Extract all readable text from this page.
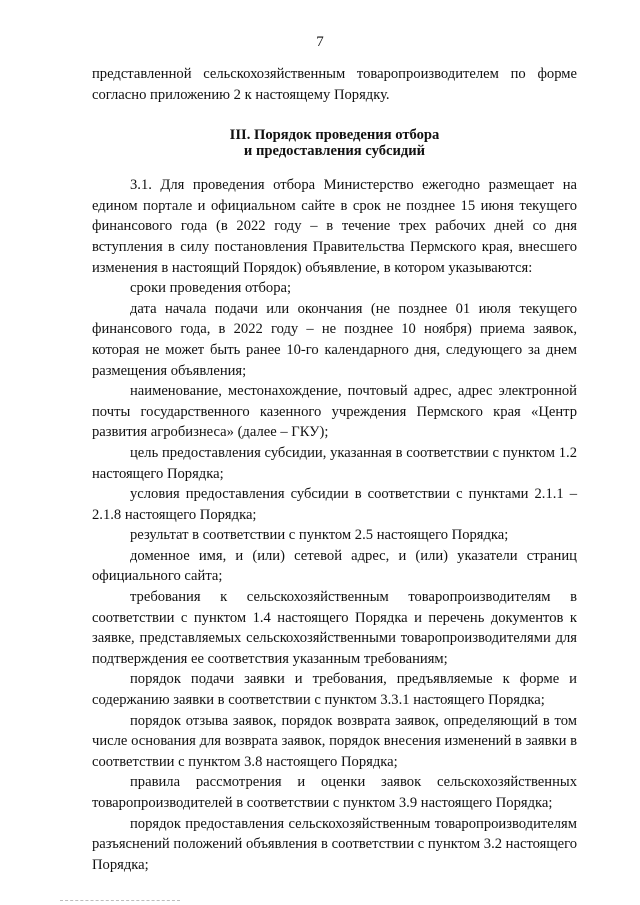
7

представленной сельскохозяйственным товаропроизводителем по форме согласно приложению 2 к настоящему Порядку.

III. Порядок проведения отбора
и предоставления субсидий

3.1. Для проведения отбора Министерство ежегодно размещает на едином портале и официальном сайте в срок не позднее 15 июня текущего финансового года (в 2022 году – в течение трех рабочих дней со дня вступления в силу постановления Правительства Пермского края, внесшего изменения в настоящий Порядок) объявление, в котором указываются:

сроки проведения отбора;

дата начала подачи или окончания (не позднее 01 июля текущего финансового года, в 2022 году – не позднее 10 ноября) приема заявок, которая не может быть ранее 10-го календарного дня, следующего за днем размещения объявления;

наименование, местонахождение, почтовый адрес, адрес электронной почты государственного казенного учреждения Пермского края «Центр развития агробизнеса» (далее – ГКУ);

цель предоставления субсидии, указанная в соответствии с пунктом 1.2 настоящего Порядка;

условия предоставления субсидии в соответствии с пунктами 2.1.1 – 2.1.8 настоящего Порядка;

результат в соответствии с пунктом 2.5 настоящего Порядка;

доменное имя, и (или) сетевой адрес, и (или) указатели страниц официального сайта;

требования к сельскохозяйственным товаропроизводителям в соответствии с пунктом 1.4 настоящего Порядка и перечень документов к заявке, представляемых сельскохозяйственными товаропроизводителями для подтверждения ее соответствия указанным требованиям;

порядок подачи заявки и требования, предъявляемые к форме и содержанию заявки в соответствии с пунктом 3.3.1 настоящего Порядка;

порядок отзыва заявок, порядок возврата заявок, определяющий в том числе основания для возврата заявок, порядок внесения изменений в заявки в соответствии с пунктом 3.8 настоящего Порядка;

правила рассмотрения и оценки заявок сельскохозяйственных товаропроизводителей в соответствии с пунктом 3.9 настоящего Порядка;

порядок предоставления сельскохозяйственным товаропроизводителям разъяснений положений объявления в соответствии с пунктом 3.2 настоящего Порядка;
